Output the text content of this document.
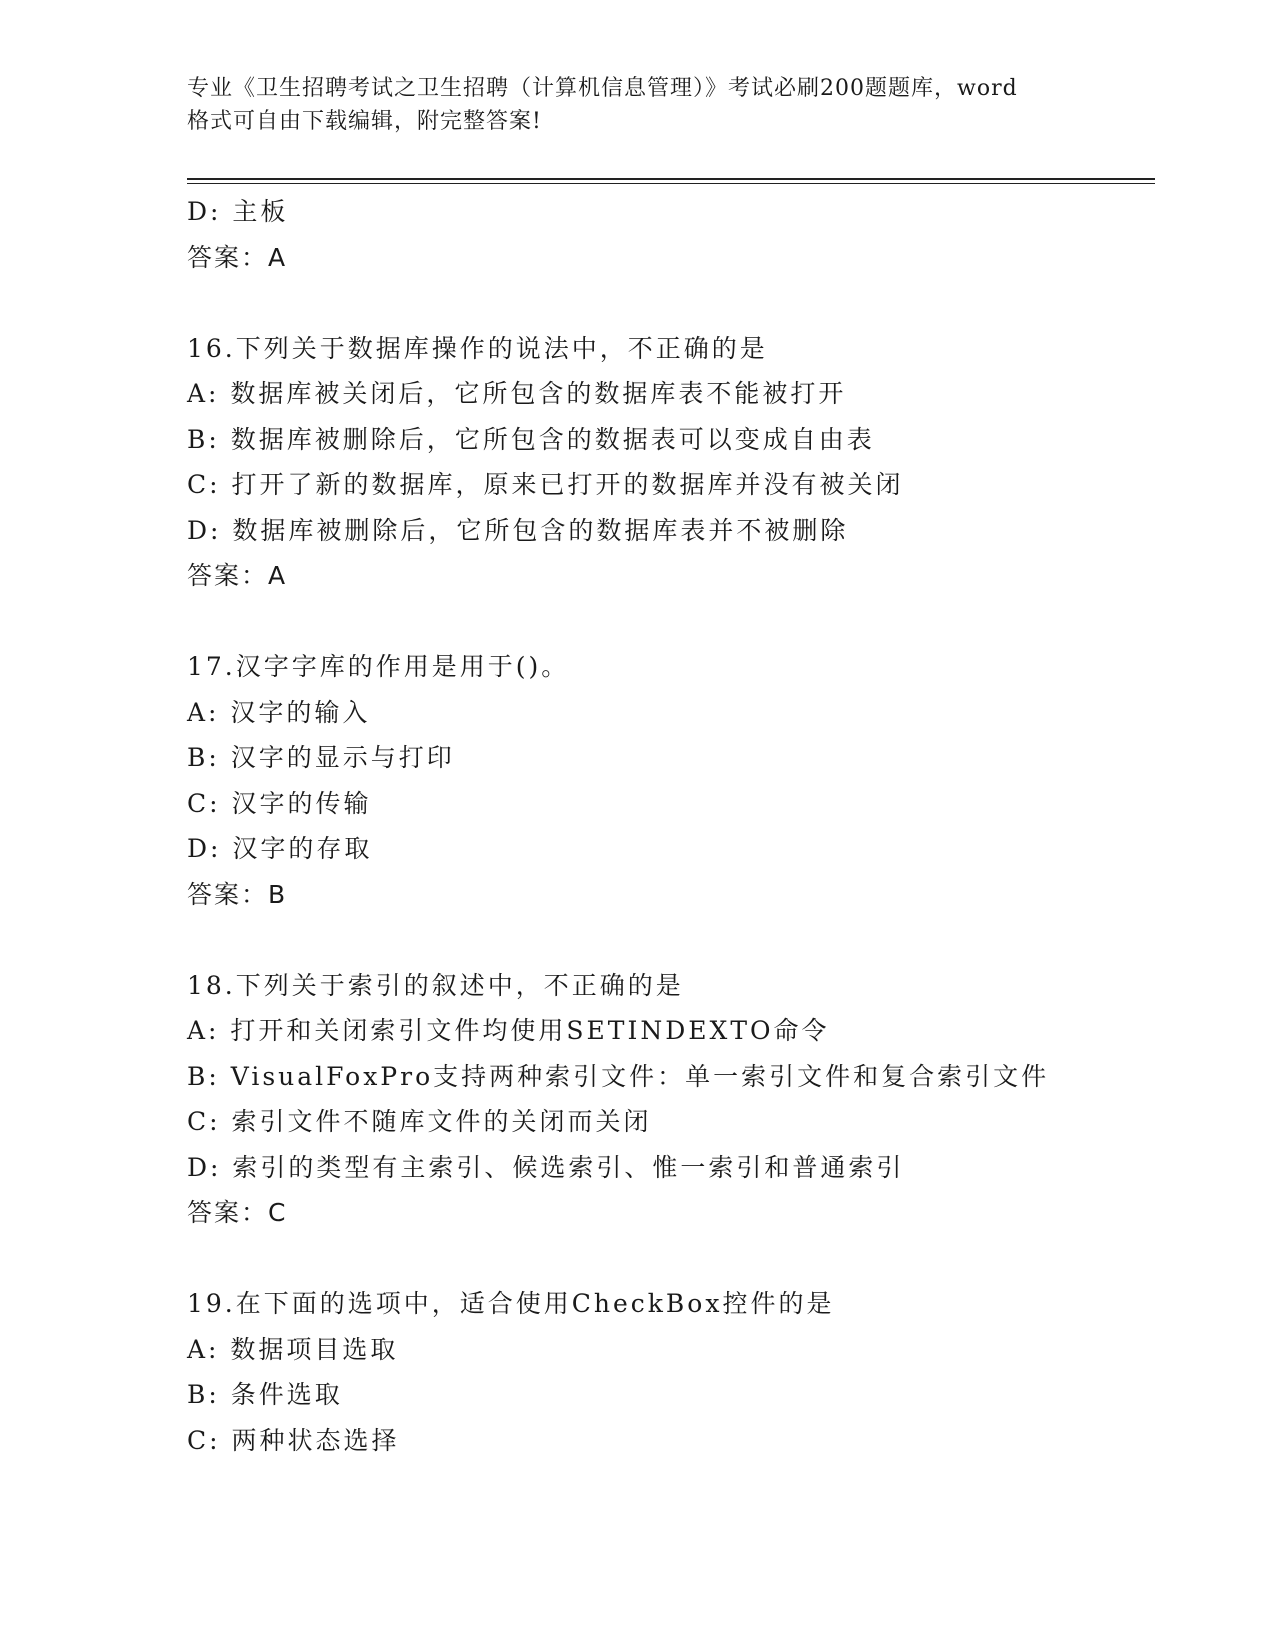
专业《卫生招聘考试之卫生招聘（计算机信息管理）》考试必刷200题题库，word
格式可自由下载编辑，附完整答案!
D: 主板
答案：A
16.下列关于数据库操作的说法中，不正确的是
A: 数据库被关闭后，它所包含的数据库表不能被打开
B: 数据库被删除后，它所包含的数据表可以变成自由表
C: 打开了新的数据库，原来已打开的数据库并没有被关闭
D: 数据库被删除后，它所包含的数据库表并不被删除
答案：A
17.汉字字库的作用是用于()。
A: 汉字的输入
B: 汉字的显示与打印
C: 汉字的传输
D: 汉字的存取
答案：B
18.下列关于索引的叙述中，不正确的是
A: 打开和关闭索引文件均使用SETINDEXTO命令
B: VisualFoxPro支持两种索引文件：单一索引文件和复合索引文件
C: 索引文件不随库文件的关闭而关闭
D: 索引的类型有主索引、候选索引、惟一索引和普通索引
答案：C
19.在下面的选项中，适合使用CheckBox控件的是
A: 数据项目选取
B: 条件选取
C: 两种状态选择
